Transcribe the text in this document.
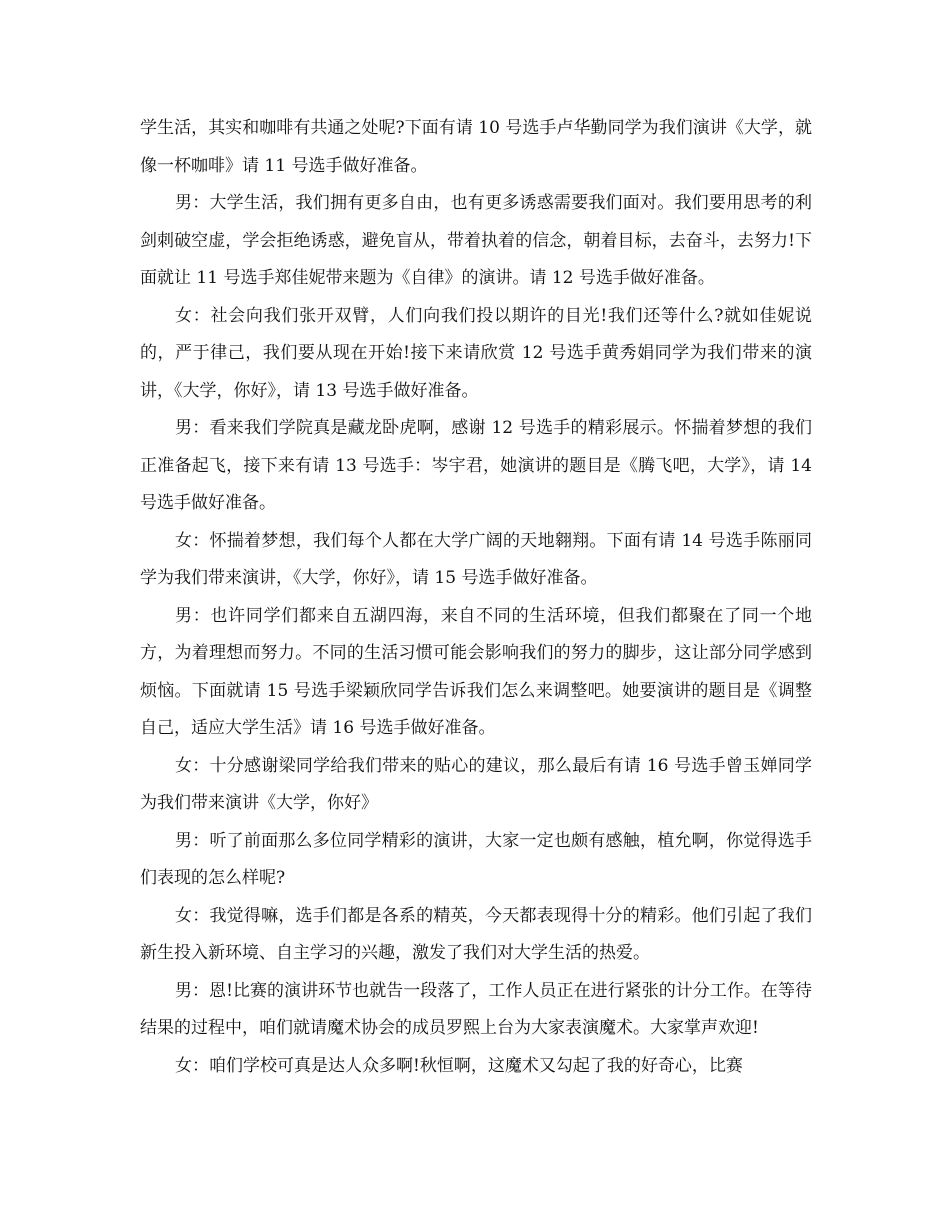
学生活，其实和咖啡有共通之处呢?下面有请 10 号选手卢华勤同学为我们演讲《大学，就像一杯咖啡》请 11 号选手做好准备。

男：大学生活，我们拥有更多自由，也有更多诱惑需要我们面对。我们要用思考的利剑刺破空虚，学会拒绝诱惑，避免盲从，带着执着的信念，朝着目标，去奋斗，去努力!下面就让 11 号选手郑佳妮带来题为《自律》的演讲。请 12 号选手做好准备。

女：社会向我们张开双臂，人们向我们投以期许的目光!我们还等什么?就如佳妮说的，严于律己，我们要从现在开始!接下来请欣赏 12 号选手黄秀娟同学为我们带来的演讲，《大学，你好》，请 13 号选手做好准备。

男：看来我们学院真是藏龙卧虎啊，感谢 12 号选手的精彩展示。怀揣着梦想的我们正准备起飞，接下来有请 13 号选手：岑宇君，她演讲的题目是《腾飞吧，大学》，请 14 号选手做好准备。

女：怀揣着梦想，我们每个人都在大学广阔的天地翱翔。下面有请 14 号选手陈丽同学为我们带来演讲，《大学，你好》，请 15 号选手做好准备。

男：也许同学们都来自五湖四海，来自不同的生活环境，但我们都聚在了同一个地方，为着理想而努力。不同的生活习惯可能会影响我们的努力的脚步，这让部分同学感到烦恼。下面就请 15 号选手梁颖欣同学告诉我们怎么来调整吧。她要演讲的题目是《调整自己，适应大学生活》请 16 号选手做好准备。

女：十分感谢梁同学给我们带来的贴心的建议，那么最后有请 16 号选手曾玉婵同学为我们带来演讲《大学，你好》

男：听了前面那么多位同学精彩的演讲，大家一定也颇有感触，植允啊，你觉得选手们表现的怎么样呢?

女：我觉得嘛，选手们都是各系的精英，今天都表现得十分的精彩。他们引起了我们新生投入新环境、自主学习的兴趣，激发了我们对大学生活的热爱。

男：恩!比赛的演讲环节也就告一段落了，工作人员正在进行紧张的计分工作。在等待结果的过程中，咱们就请魔术协会的成员罗熙上台为大家表演魔术。大家掌声欢迎!

女：咱们学校可真是达人众多啊!秋恒啊，这魔术又勾起了我的好奇心，比赛
